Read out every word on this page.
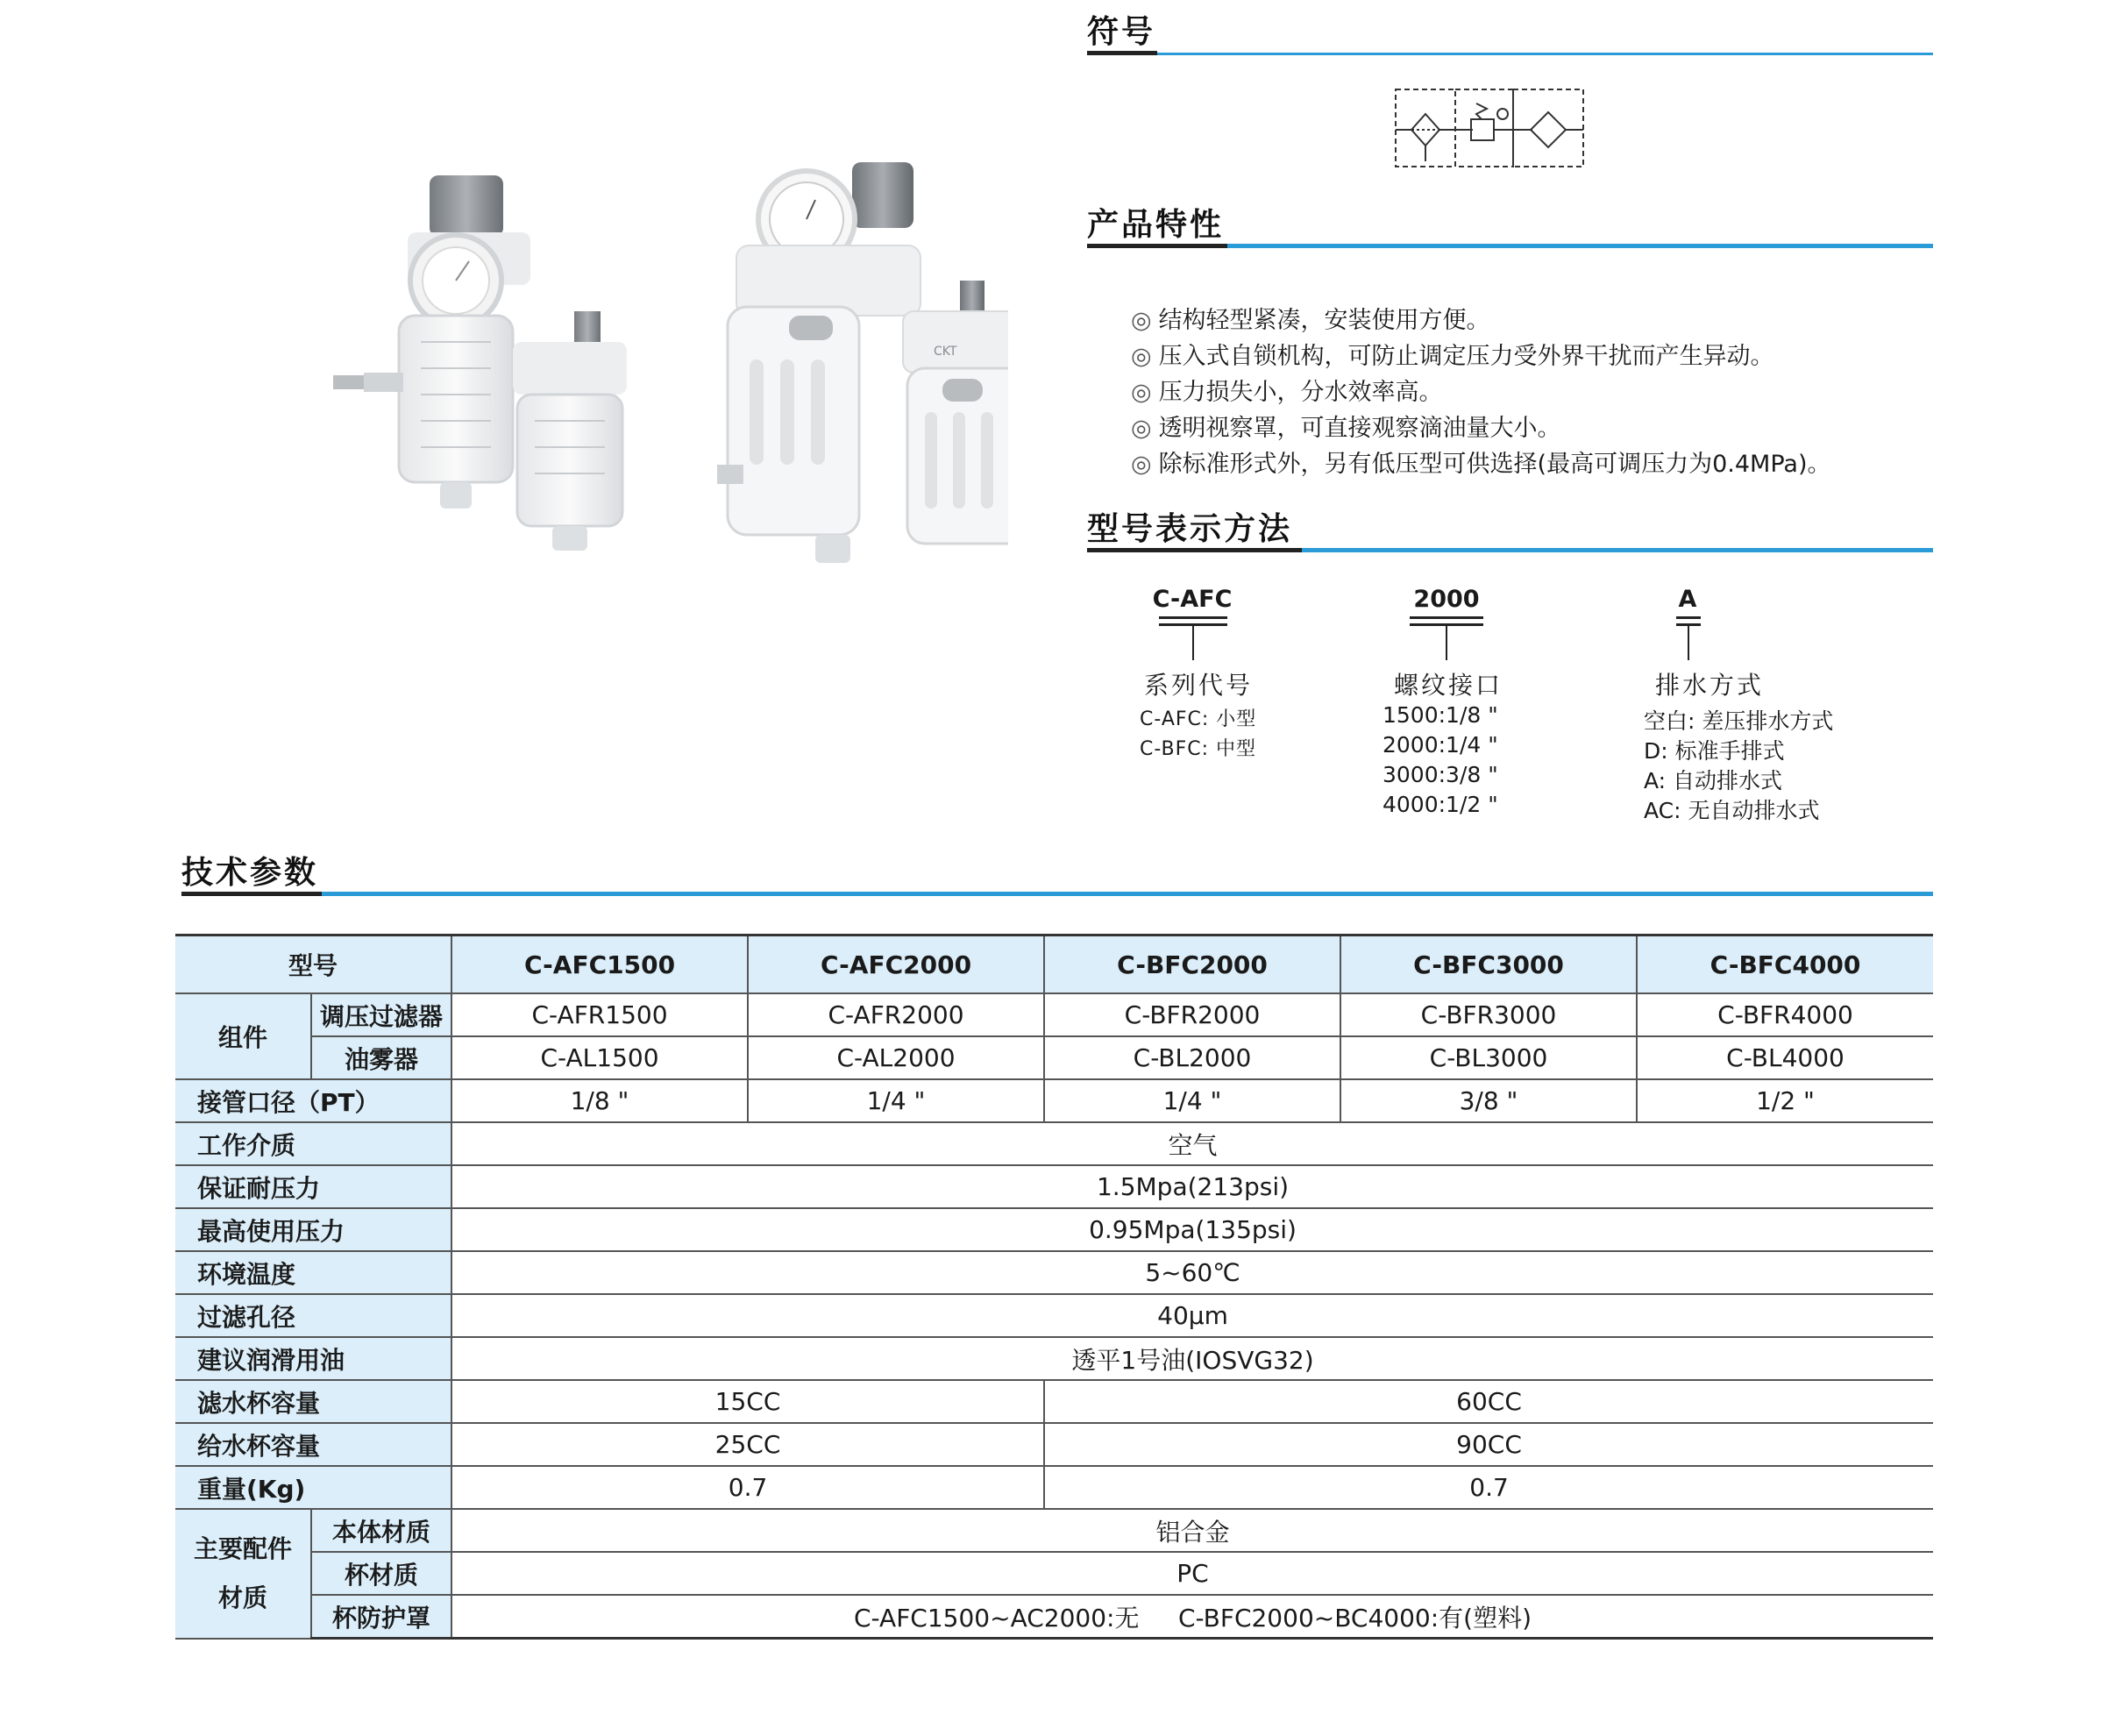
CKT
符号
产品特性
◎ 结构轻型紧凑，安装使用方便。
◎ 压入式自锁机构，可防止调定压力受外界干扰而产生异动。
◎ 压力损失小，分水效率高。
◎ 透明视察罩，可直接观察滴油量大小。
◎ 除标准形式外，另有低压型可供选择(最高可调压力为0.4MPa)。
型号表示方法
C-AFC
系列代号
C-AFC: 小型
C-BFC: 中型
2000
螺纹接口
1500:1/8 "
2000:1/4 "
3000:3/8 "
4000:1/2 "
A
排水方式
空白: 差压排水方式
D: 标准手排式
A: 自动排水式
AC: 无自动排水式
技术参数
型号		C-AFC1500	C-AFC2000	C-BFC2000	C-BFC3000	C-BFC4000
组件	调压过滤器	C-AFR1500	C-AFR2000	C-BFR2000	C-BFR3000	C-BFR4000
	油雾器	C-AL1500	C-AL2000	C-BL2000	C-BL3000	C-BL4000
接管口径（PT）		1/8 "	1/4 "	1/4 "	3/8 "	1/2 "
工作介质		空气				
保证耐压力		1.5Mpa(213psi)				
最高使用压力		0.95Mpa(135psi)				
环境温度		5~60℃				
过滤孔径		40μm				
建议润滑用油		透平1号油(IOSVG32)				
滤水杯容量		15CC		60CC		
给水杯容量		25CC		90CC		
重量(Kg)		0.7		0.7		
主要配件
材质	本体材质	铝合金				
	杯材质	PC				
	杯防护罩	C-AFC1500~AC2000:无     C-BFC2000~BC4000:有(塑料)				
